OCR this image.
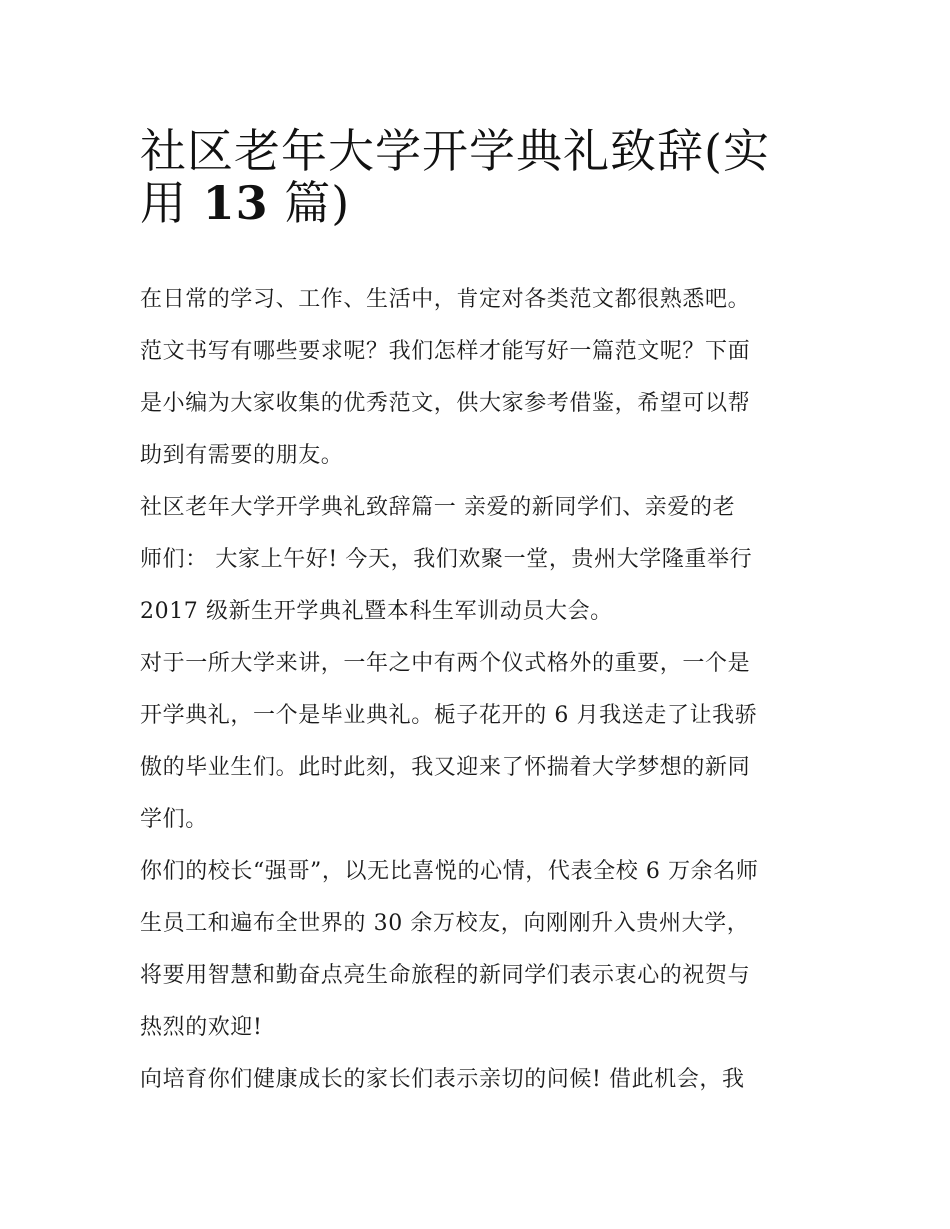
社区老年大学开学典礼致辞(实
用 13 篇)

在日常的学习、工作、生活中，肯定对各类范文都很熟悉吧。
范文书写有哪些要求呢？我们怎样才能写好一篇范文呢？下面
是小编为大家收集的优秀范文，供大家参考借鉴，希望可以帮
助到有需要的朋友。

社区老年大学开学典礼致辞篇一 亲爱的新同学们、亲爱的老
师们： 大家上午好! 今天，我们欢聚一堂，贵州大学隆重举行
2017 级新生开学典礼暨本科生军训动员大会。

对于一所大学来讲，一年之中有两个仪式格外的重要，一个是
开学典礼，一个是毕业典礼。栀子花开的 6 月我送走了让我骄
傲的毕业生们。此时此刻，我又迎来了怀揣着大学梦想的新同
学们。

你们的校长“强哥”，以无比喜悦的心情，代表全校 6 万余名师
生员工和遍布全世界的 30 余万校友，向刚刚升入贵州大学，
将要用智慧和勤奋点亮生命旅程的新同学们表示衷心的祝贺与
热烈的欢迎!

向培育你们健康成长的家长们表示亲切的问候! 借此机会，我
